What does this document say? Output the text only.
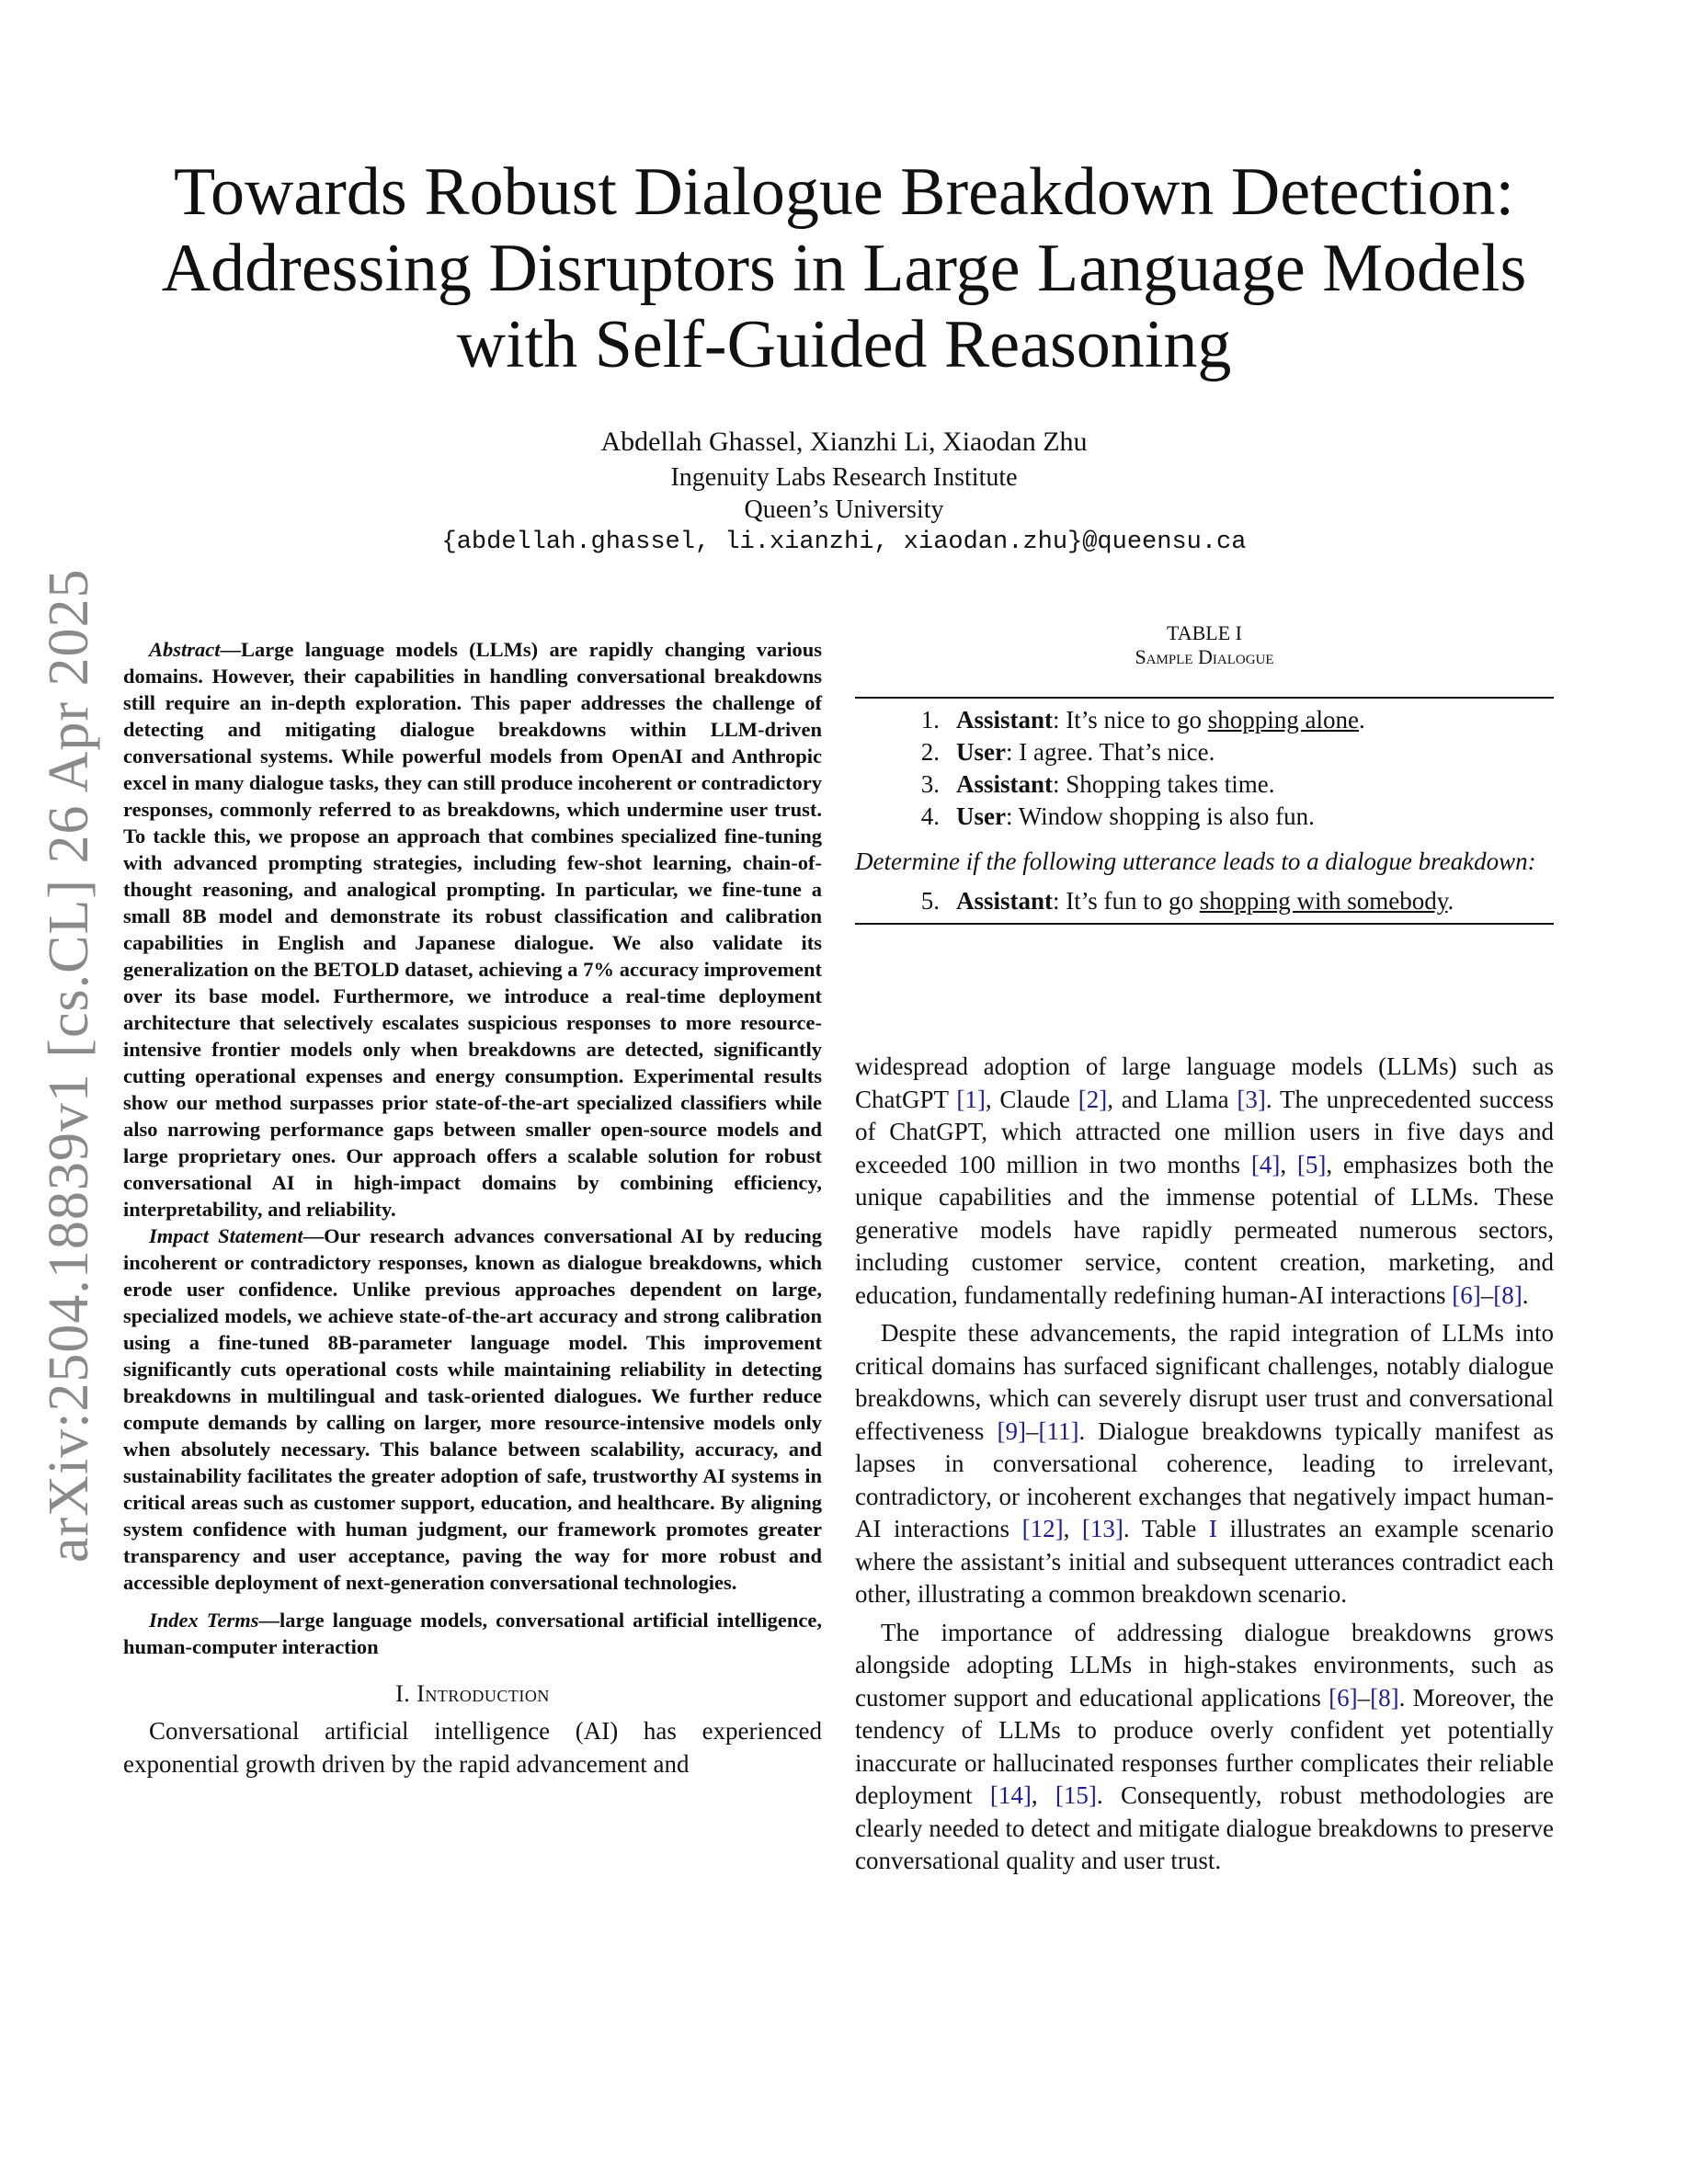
Towards Robust Dialogue Breakdown Detection:
Addressing Disruptors in Large Language Models
with Self-Guided Reasoning
Abdellah Ghassel, Xianzhi Li, Xiaodan Zhu
Ingenuity Labs Research Institute
Queen’s University
{abdellah.ghassel, li.xianzhi, xiaodan.zhu}@queensu.ca
arXiv:2504.18839v1 [cs.CL] 26 Apr 2025	Abstract—Large language models (LLMs) are rapidly changing various domains. However, their capabilities in handling conversational breakdowns still require an in-depth exploration. This paper addresses the challenge of detecting and mitigating dialogue breakdowns within LLM-driven conversational systems. While powerful models from OpenAI and Anthropic excel in many dialogue tasks, they can still produce incoherent or contradictory responses, commonly referred to as breakdowns, which undermine user trust. To tackle this, we propose an approach that combines specialized fine-tuning with advanced prompting strategies, including few-shot learning, chain-of-thought reasoning, and analogical prompting. In particular, we fine-tune a small 8B model and demonstrate its robust classification and calibration capabilities in English and Japanese dialogue. We also validate its generalization on the BETOLD dataset, achieving a 7% accuracy improvement over its base model. Furthermore, we introduce a real-time deployment architecture that selectively escalates suspicious responses to more resource-intensive frontier models only when breakdowns are detected, significantly cutting operational expenses and energy consumption. Experimental results show our method surpasses prior state-of-the-art specialized classifiers while also narrowing performance gaps between smaller open-source models and large proprietary ones. Our approach offers a scalable solution for robust conversational AI in high-impact domains by combining efficiency, interpretability, and reliability.

Impact Statement—Our research advances conversational AI by reducing incoherent or contradictory responses, known as dialogue breakdowns, which erode user confidence. Unlike previous approaches dependent on large, specialized models, we achieve state-of-the-art accuracy and strong calibration using a fine-tuned 8B-parameter language model. This improvement significantly cuts operational costs while maintaining reliability in detecting breakdowns in multilingual and task-oriented dialogues. We further reduce compute demands by calling on larger, more resource-intensive models only when absolutely necessary. This balance between scalability, accuracy, and sustainability facilitates the greater adoption of safe, trustworthy AI systems in critical areas such as customer support, education, and healthcare. By aligning system confidence with human judgment, our framework promotes greater transparency and user acceptance, paving the way for more robust and accessible deployment of next-generation conversational technologies.

Index Terms—large language models, conversational artificial intelligence, human-computer interaction

I. Introduction

Conversational artificial intelligence (AI) has experienced exponential growth driven by the rapid advancement and

TABLE I
Sample Dialogue
1. Assistant: It’s nice to go shopping alone.
2. User: I agree. That’s nice.
3. Assistant: Shopping takes time.
4. User: Window shopping is also fun.
Determine if the following utterance leads to a dialogue breakdown:
5. Assistant: It’s fun to go shopping with somebody.

widespread adoption of large language models (LLMs) such as ChatGPT [1], Claude [2], and Llama [3]. The unprecedented success of ChatGPT, which attracted one million users in five days and exceeded 100 million in two months [4], [5], emphasizes both the unique capabilities and the immense potential of LLMs. These generative models have rapidly permeated numerous sectors, including customer service, content creation, marketing, and education, fundamentally redefining human-AI interactions [6]–[8].

Despite these advancements, the rapid integration of LLMs into critical domains has surfaced significant challenges, notably dialogue breakdowns, which can severely disrupt user trust and conversational effectiveness [9]–[11]. Dialogue breakdowns typically manifest as lapses in conversational coherence, leading to irrelevant, contradictory, or incoherent exchanges that negatively impact human-AI interactions [12], [13]. Table I illustrates an example scenario where the assistant’s initial and subsequent utterances contradict each other, illustrating a common breakdown scenario.

The importance of addressing dialogue breakdowns grows alongside adopting LLMs in high-stakes environments, such as customer support and educational applications [6]–[8]. Moreover, the tendency of LLMs to produce overly confident yet potentially inaccurate or hallucinated responses further complicates their reliable deployment [14], [15]. Consequently, robust methodologies are clearly needed to detect and mitigate dialogue breakdowns to preserve conversational quality and user trust.
